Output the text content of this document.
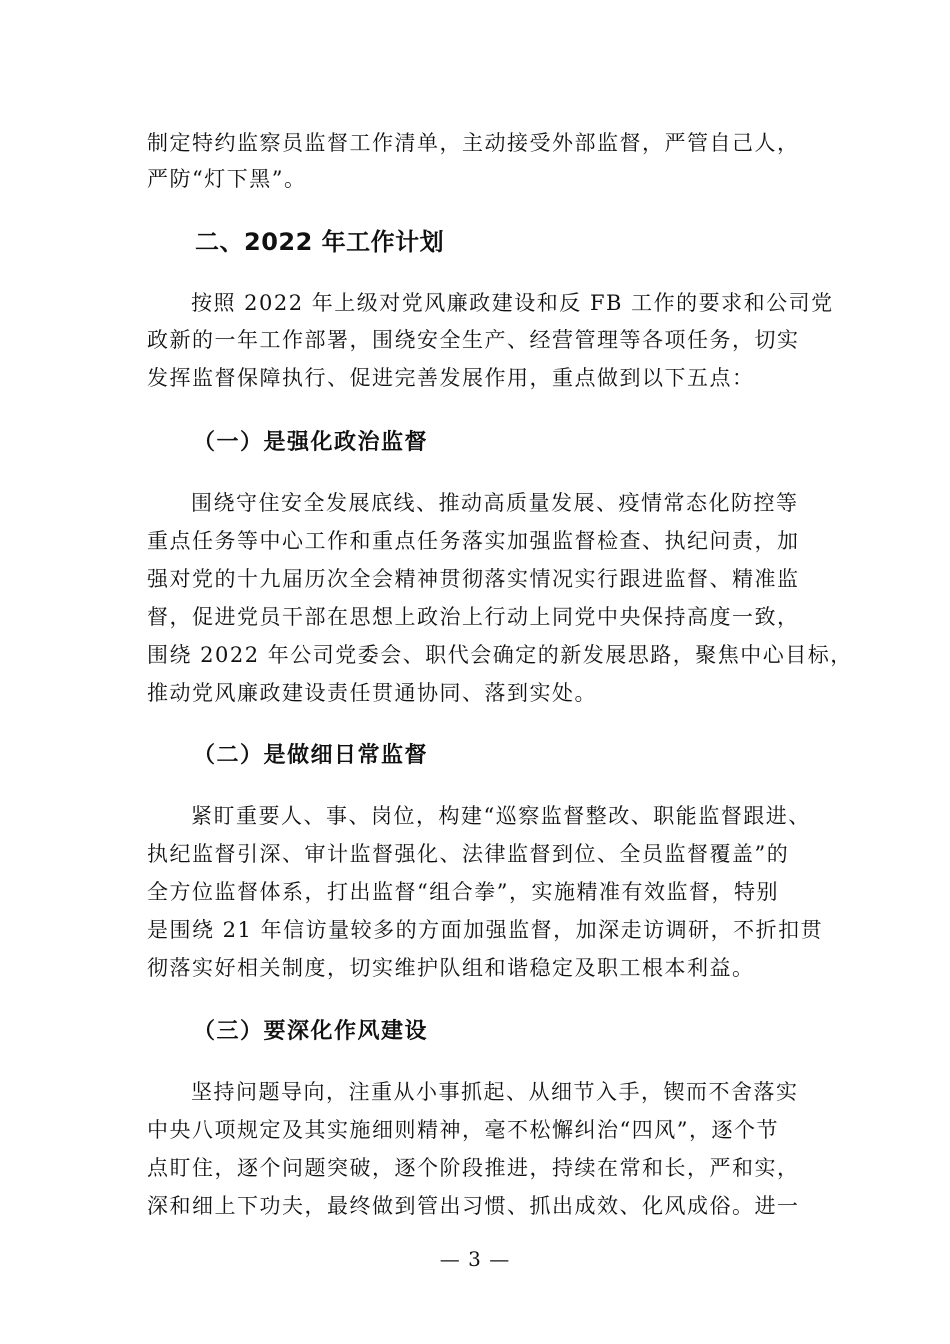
制定特约监察员监督工作清单，主动接受外部监督，严管自己人，
严防“灯下黑”。
二、2022 年工作计划
按照 2022 年上级对党风廉政建设和反 FB 工作的要求和公司党
政新的一年工作部署，围绕安全生产、经营管理等各项任务，切实
发挥监督保障执行、促进完善发展作用，重点做到以下五点：
（一）是强化政治监督
围绕守住安全发展底线、推动高质量发展、疫情常态化防控等
重点任务等中心工作和重点任务落实加强监督检查、执纪问责，加
强对党的十九届历次全会精神贯彻落实情况实行跟进监督、精准监
督，促进党员干部在思想上政治上行动上同党中央保持高度一致，
围绕 2022 年公司党委会、职代会确定的新发展思路，聚焦中心目标，
推动党风廉政建设责任贯通协同、落到实处。
（二）是做细日常监督
紧盯重要人、事、岗位，构建“巡察监督整改、职能监督跟进、
执纪监督引深、审计监督强化、法律监督到位、全员监督覆盖”的
全方位监督体系，打出监督“组合拳”，实施精准有效监督，特别
是围绕 21 年信访量较多的方面加强监督，加深走访调研，不折扣贯
彻落实好相关制度，切实维护队组和谐稳定及职工根本利益。
（三）要深化作风建设
坚持问题导向，注重从小事抓起、从细节入手，锲而不舍落实
中央八项规定及其实施细则精神，毫不松懈纠治“四风”，逐个节
点盯住，逐个问题突破，逐个阶段推进，持续在常和长，严和实，
深和细上下功夫，最终做到管出习惯、抓出成效、化风成俗。进一
— 3 —
